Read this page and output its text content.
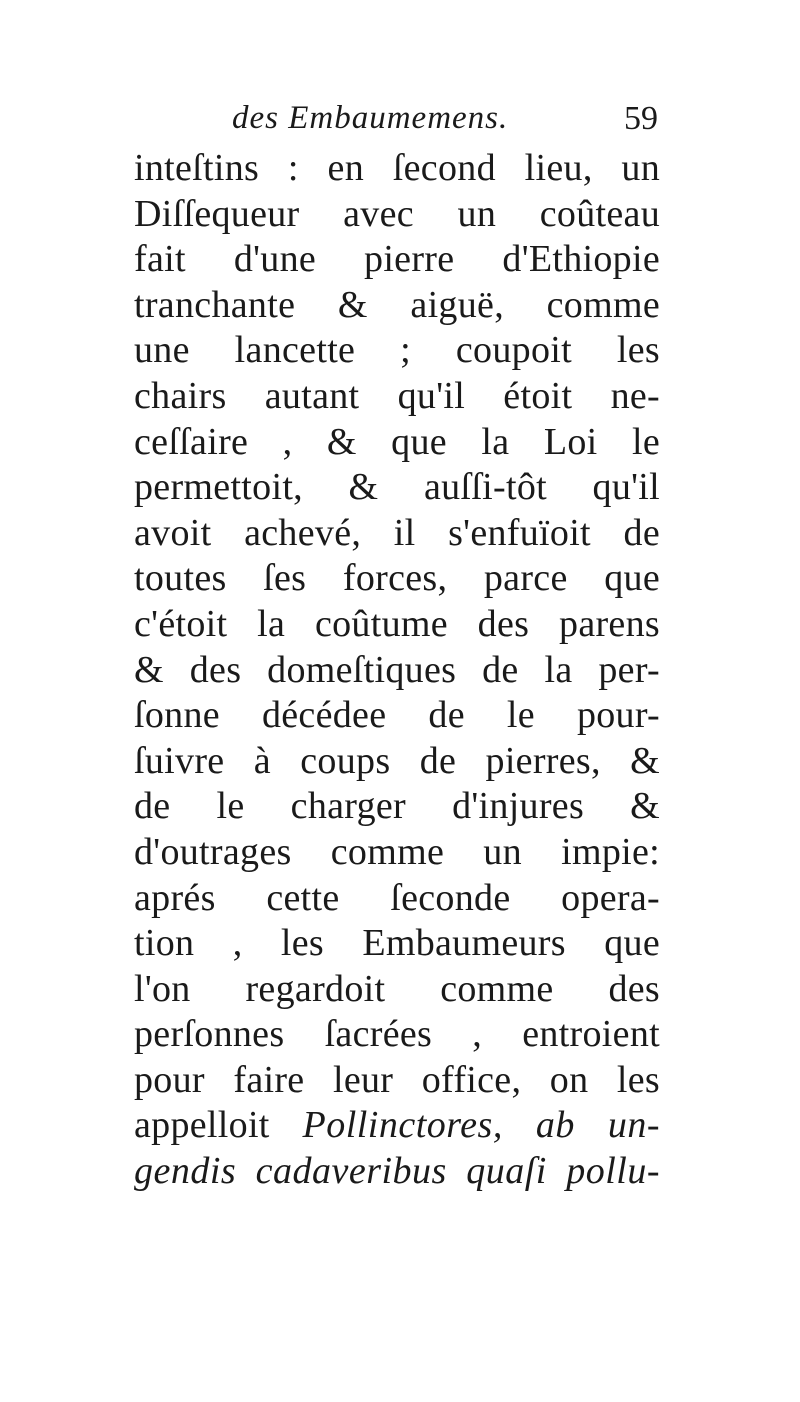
des Embaumemens.	59
inteſtins : en ſecond lieu, un
Diſſequeur avec un coûteau
fait d'une pierre d'Ethiopie
tranchante & aiguë, comme
une lancette ; coupoit les
chairs autant qu'il étoit ne-
ceſſaire , & que la Loi le
permettoit, & auſſi-tôt qu'il
avoit achevé, il s'enfuïoit de
toutes ſes forces, parce que
c'étoit la coûtume des parens
& des domeſtiques de la per-
ſonne décédee de le pour-
ſuivre à coups de pierres, &
de le charger d'injures &
d'outrages comme un impie:
aprés cette ſeconde opera-
tion , les Embaumeurs que
l'on regardoit comme des
perſonnes ſacrées , entroient
pour faire leur office, on les
appelloit Pollinctores, ab un-
gendis cadaveribus quaſi pollu-
